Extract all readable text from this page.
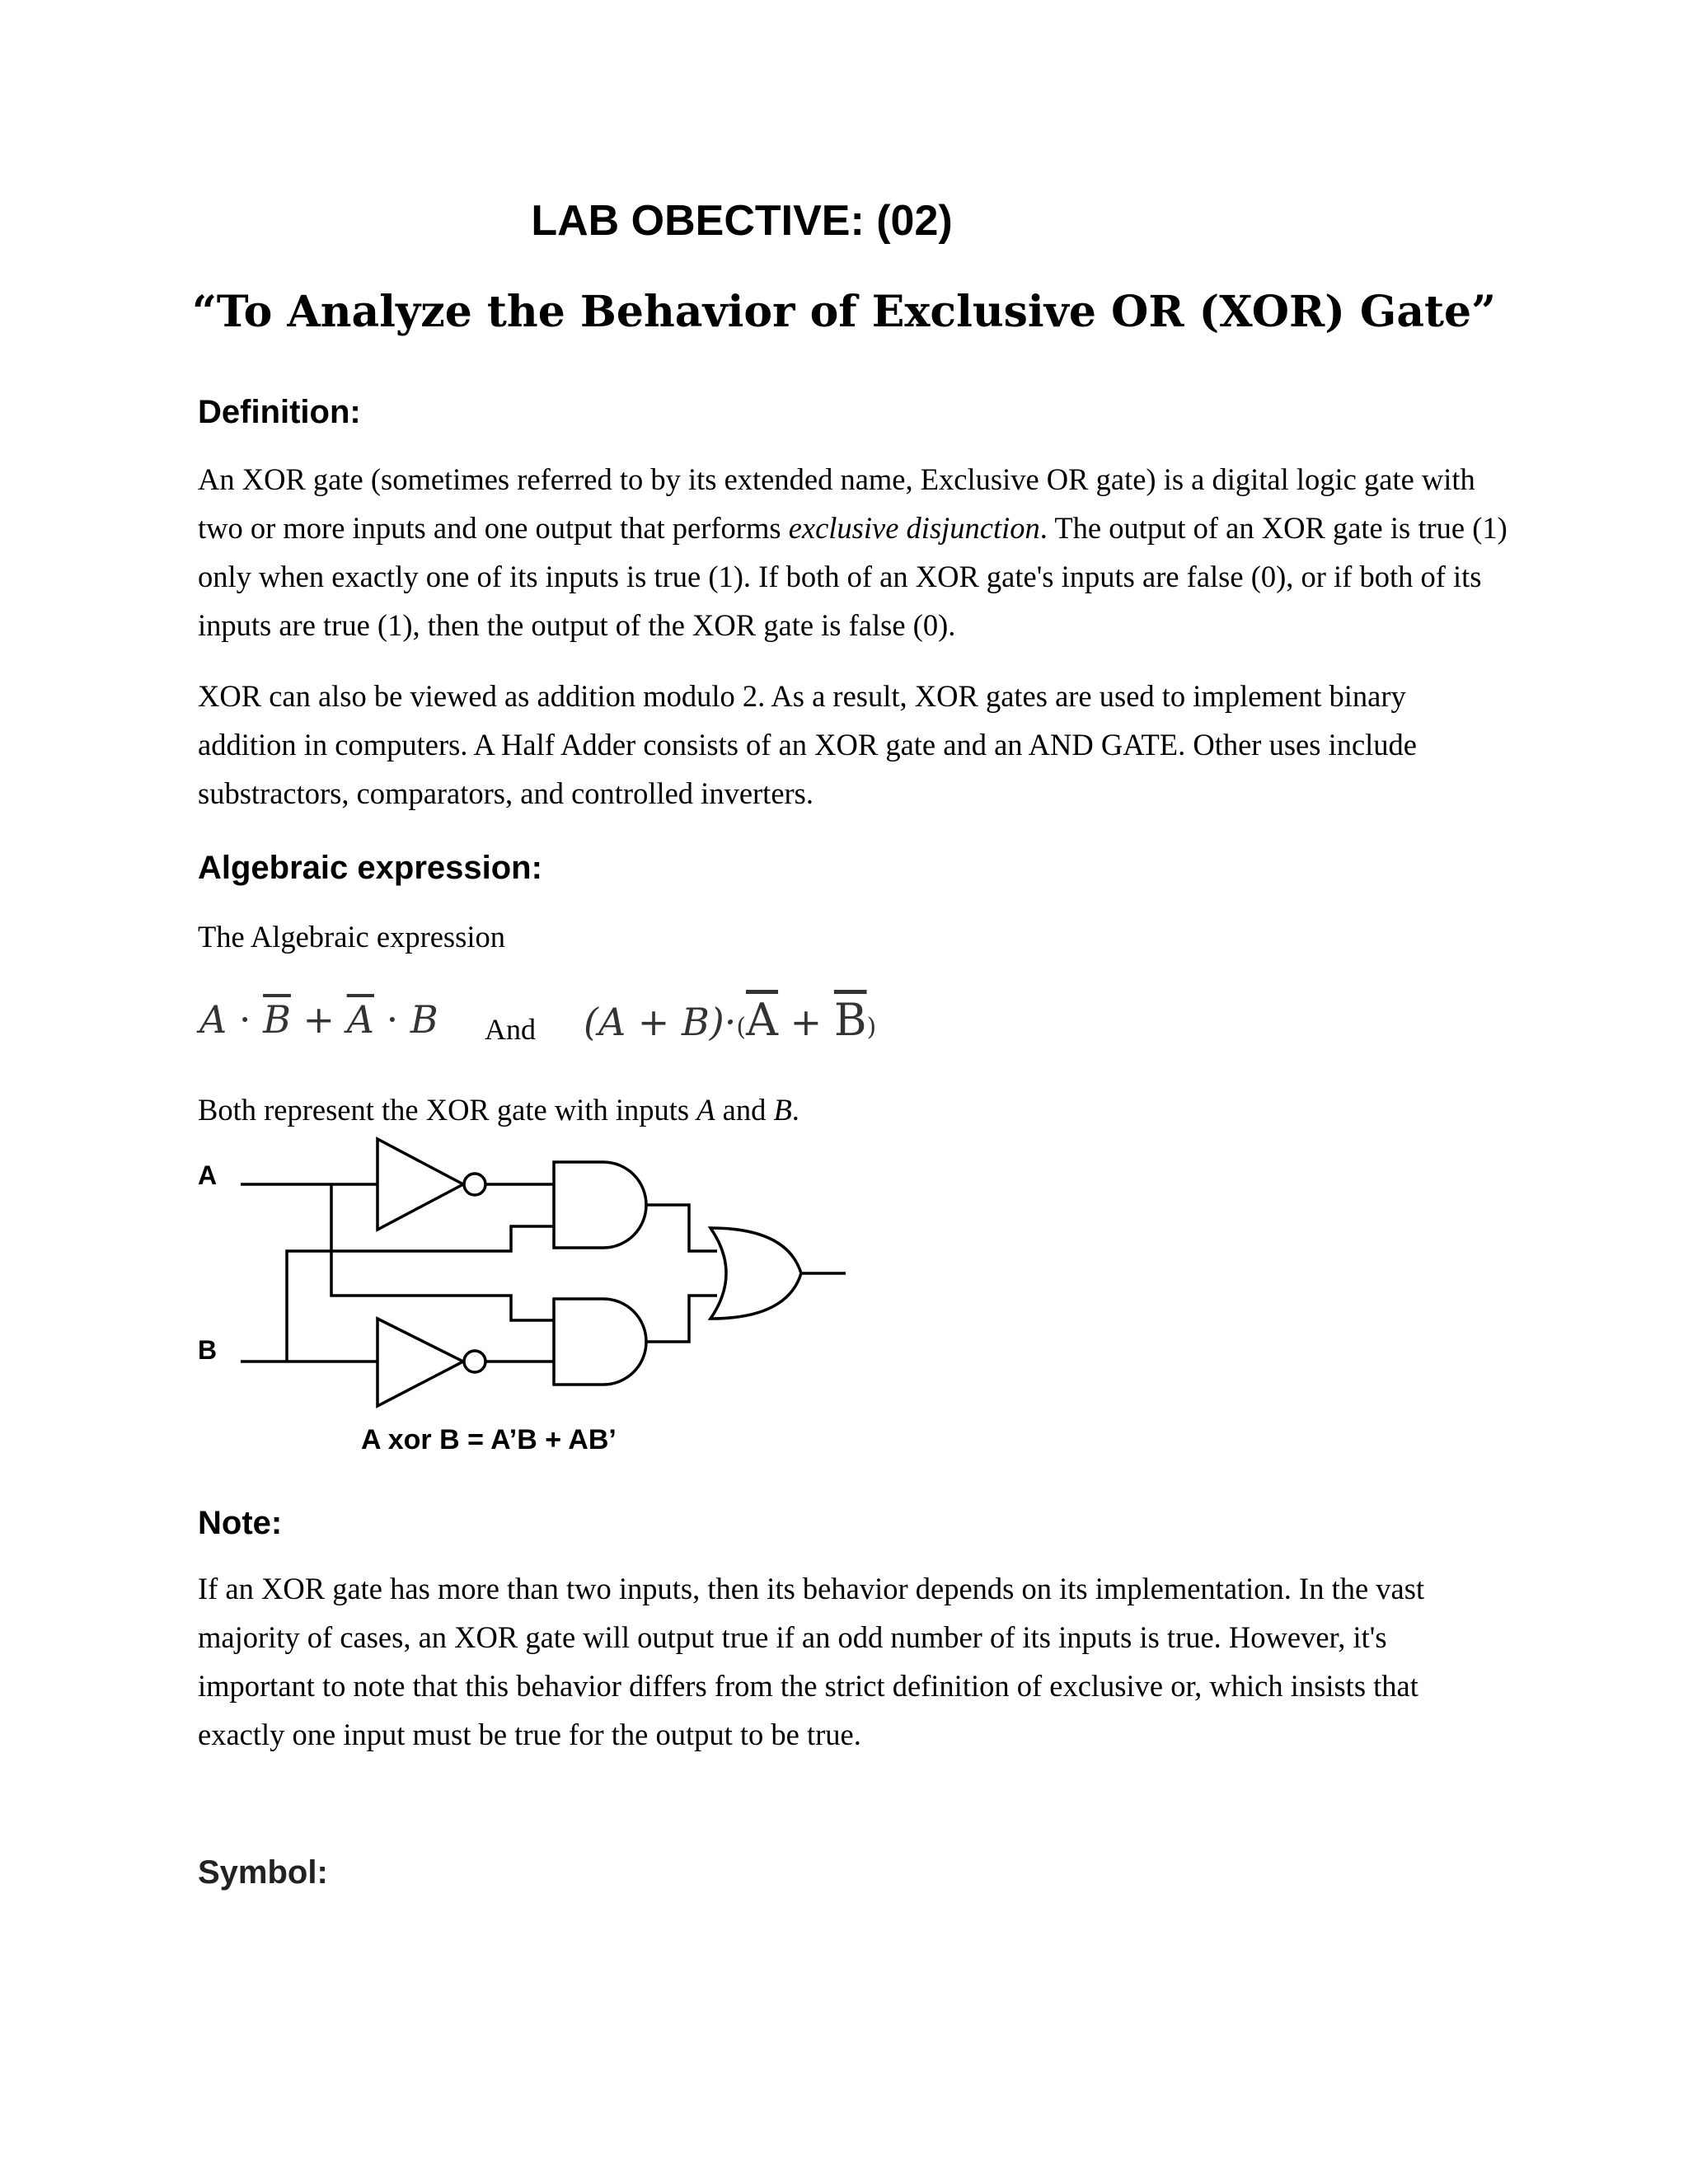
LAB OBECTIVE: (02)
“To Analyze the Behavior of Exclusive OR (XOR) Gate”
Definition:

An XOR gate (sometimes referred to by its extended name, Exclusive OR gate) is a digital logic gate with two or more inputs and one output that performs exclusive disjunction. The output of an XOR gate is true (1) only when exactly one of its inputs is true (1). If both of an XOR gate's inputs are false (0), or if both of its inputs are true (1), then the output of the XOR gate is false (0).

XOR can also be viewed as addition modulo 2. As a result, XOR gates are used to implement binary addition in computers. A Half Adder consists of an XOR gate and an AND GATE. Other uses include substractors, comparators, and controlled inverters.

Algebraic expression:

The Algebraic expression

$A \cdot \overline{B} + \overline{A} \cdot B$ And $(A + B)\cdot(\overline{A} + \overline{B})$

Both represent the XOR gate with inputs A and B.

A
B
A xor B = A’B + AB’
Note:

If an XOR gate has more than two inputs, then its behavior depends on its implementation. In the vast majority of cases, an XOR gate will output true if an odd number of its inputs is true. However, it's important to note that this behavior differs from the strict definition of exclusive or, which insists that exactly one input must be true for the output to be true.

Symbol:
